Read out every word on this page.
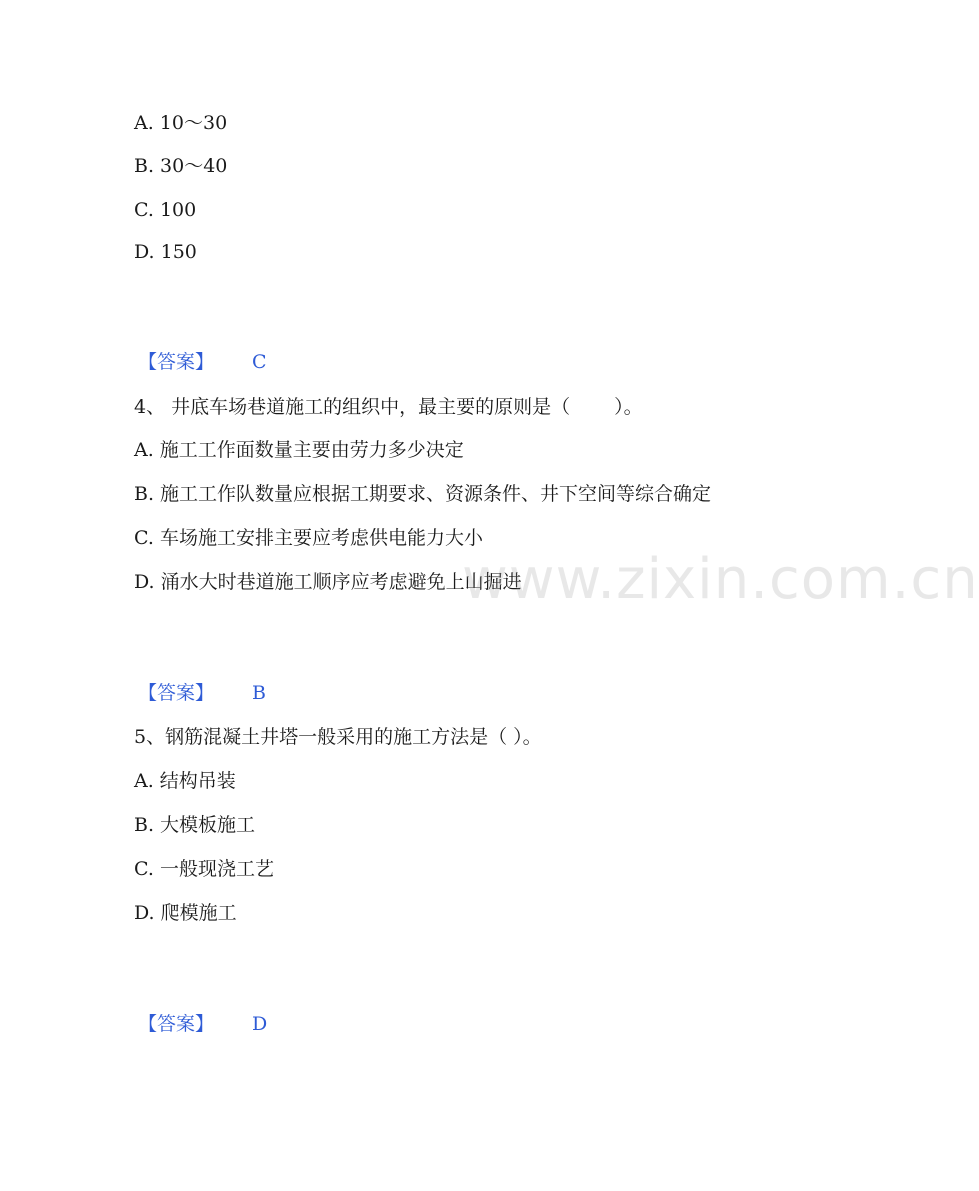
A. 10～30
B. 30～40
C. 100
D. 150
【答案】 C
4、 井底车场巷道施工的组织中，最主要的原则是（　　 ）。
A. 施工工作面数量主要由劳力多少决定
B. 施工工作队数量应根据工期要求、资源条件、井下空间等综合确定
C. 车场施工安排主要应考虑供电能力大小
D. 涌水大时巷道施工顺序应考虑避免上山掘进
【答案】 B
5、钢筋混凝土井塔一般采用的施工方法是（ ）。
A. 结构吊装
B. 大模板施工
C. 一般现浇工艺
D. 爬模施工
【答案】 D
www.zixin.com.cn
